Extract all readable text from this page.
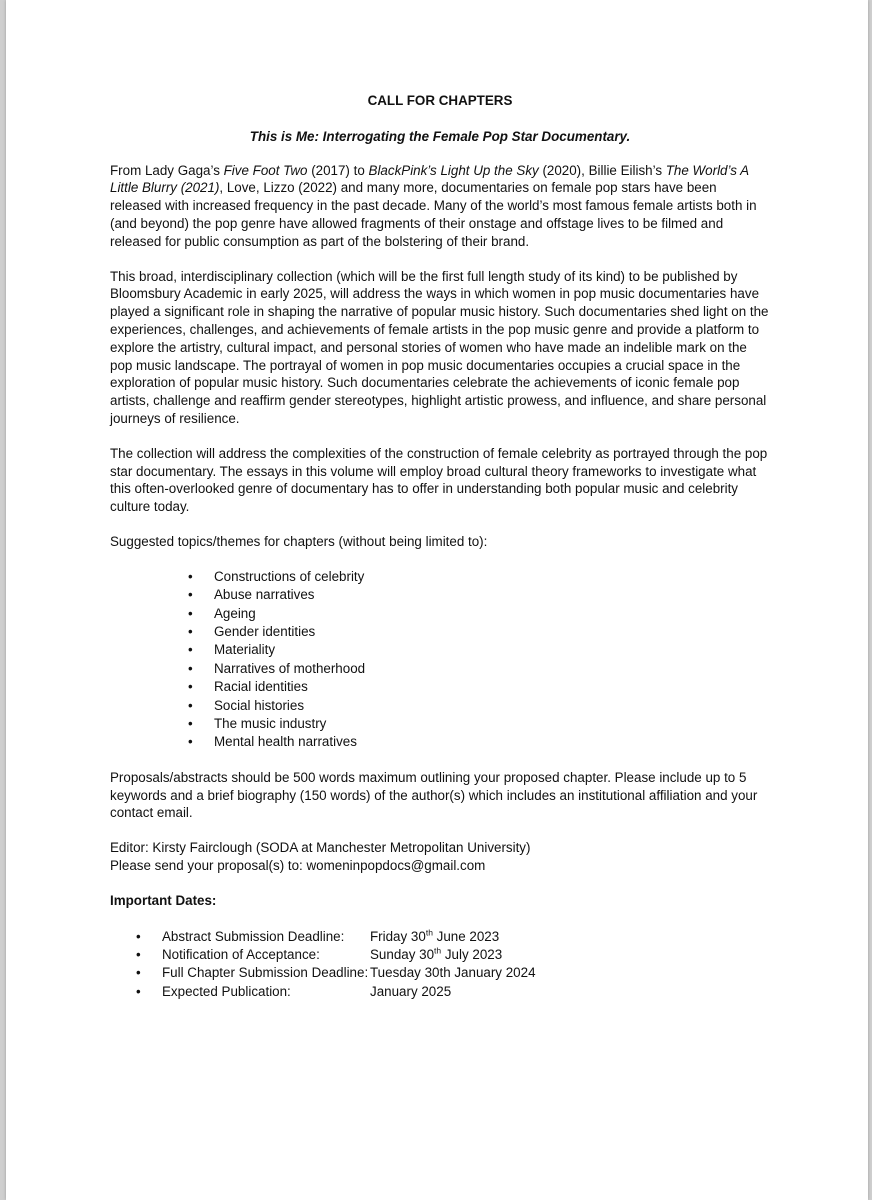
CALL FOR CHAPTERS
This is Me: Interrogating the Female Pop Star Documentary.

From Lady Gaga’s Five Foot Two (2017) to BlackPink’s Light Up the Sky (2020), Billie Eilish’s The World’s A Little Blurry (2021), Love, Lizzo (2022) and many more, documentaries on female pop stars have been released with increased frequency in the past decade. Many of the world’s most famous female artists both in (and beyond) the pop genre have allowed fragments of their onstage and offstage lives to be filmed and released for public consumption as part of the bolstering of their brand.

This broad, interdisciplinary collection (which will be the first full length study of its kind) to be published by Bloomsbury Academic in early 2025, will address the ways in which women in pop music documentaries have played a significant role in shaping the narrative of popular music history. Such documentaries shed light on the experiences, challenges, and achievements of female artists in the pop music genre and provide a platform to explore the artistry, cultural impact, and personal stories of women who have made an indelible mark on the pop music landscape. The portrayal of women in pop music documentaries occupies a crucial space in the exploration of popular music history. Such documentaries celebrate the achievements of iconic female pop artists, challenge and reaffirm gender stereotypes, highlight artistic prowess, and influence, and share personal journeys of resilience.

The collection will address the complexities of the construction of female celebrity as portrayed through the pop star documentary. The essays in this volume will employ broad cultural theory frameworks to investigate what this often-overlooked genre of documentary has to offer in understanding both popular music and celebrity culture today.

Suggested topics/themes for chapters (without being limited to):

• Constructions of celebrity
• Abuse narratives
• Ageing
• Gender identities
• Materiality
• Narratives of motherhood
• Racial identities
• Social histories
• The music industry
• Mental health narratives

Proposals/abstracts should be 500 words maximum outlining your proposed chapter. Please include up to 5 keywords and a brief biography (150 words) of the author(s) which includes an institutional affiliation and your contact email.

Editor: Kirsty Fairclough (SODA at Manchester Metropolitan University)
Please send your proposal(s) to: womeninpopdocs@gmail.com

Important Dates:
• Abstract Submission Deadline:	Friday 30th June 2023
• Notification of Acceptance:	Sunday 30th July 2023
• Full Chapter Submission Deadline: Tuesday 30th January 2024
• Expected Publication:	January 2025
